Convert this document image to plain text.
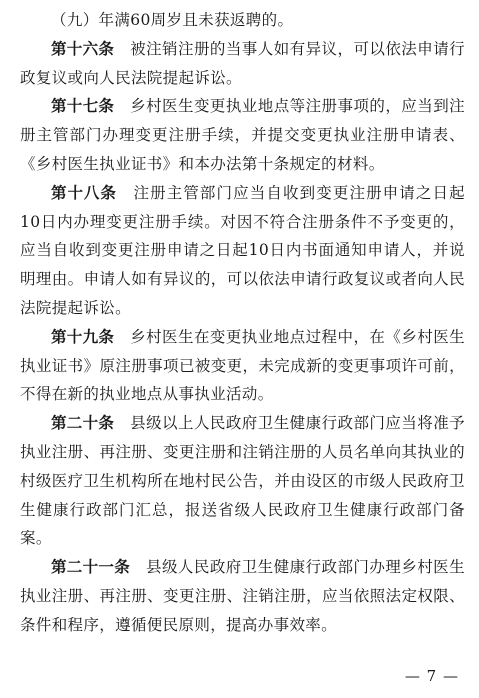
（九）年满60周岁且未获返聘的。

第十六条  被注销注册的当事人如有异议，可以依法申请行政复议或向人民法院提起诉讼。

第十七条  乡村医生变更执业地点等注册事项的，应当到注册主管部门办理变更注册手续，并提交变更执业注册申请表、《乡村医生执业证书》和本办法第十条规定的材料。

第十八条  注册主管部门应当自收到变更注册申请之日起10日内办理变更注册手续。对因不符合注册条件不予变更的，应当自收到变更注册申请之日起10日内书面通知申请人，并说明理由。申请人如有异议的，可以依法申请行政复议或者向人民法院提起诉讼。

第十九条  乡村医生在变更执业地点过程中，在《乡村医生执业证书》原注册事项已被变更，未完成新的变更事项许可前，不得在新的执业地点从事执业活动。

第二十条  县级以上人民政府卫生健康行政部门应当将准予执业注册、再注册、变更注册和注销注册的人员名单向其执业的村级医疗卫生机构所在地村民公告，并由设区的市级人民政府卫生健康行政部门汇总，报送省级人民政府卫生健康行政部门备案。

第二十一条  县级人民政府卫生健康行政部门办理乡村医生执业注册、再注册、变更注册、注销注册，应当依照法定权限、条件和程序，遵循便民原则，提高办事效率。

— 7 —
